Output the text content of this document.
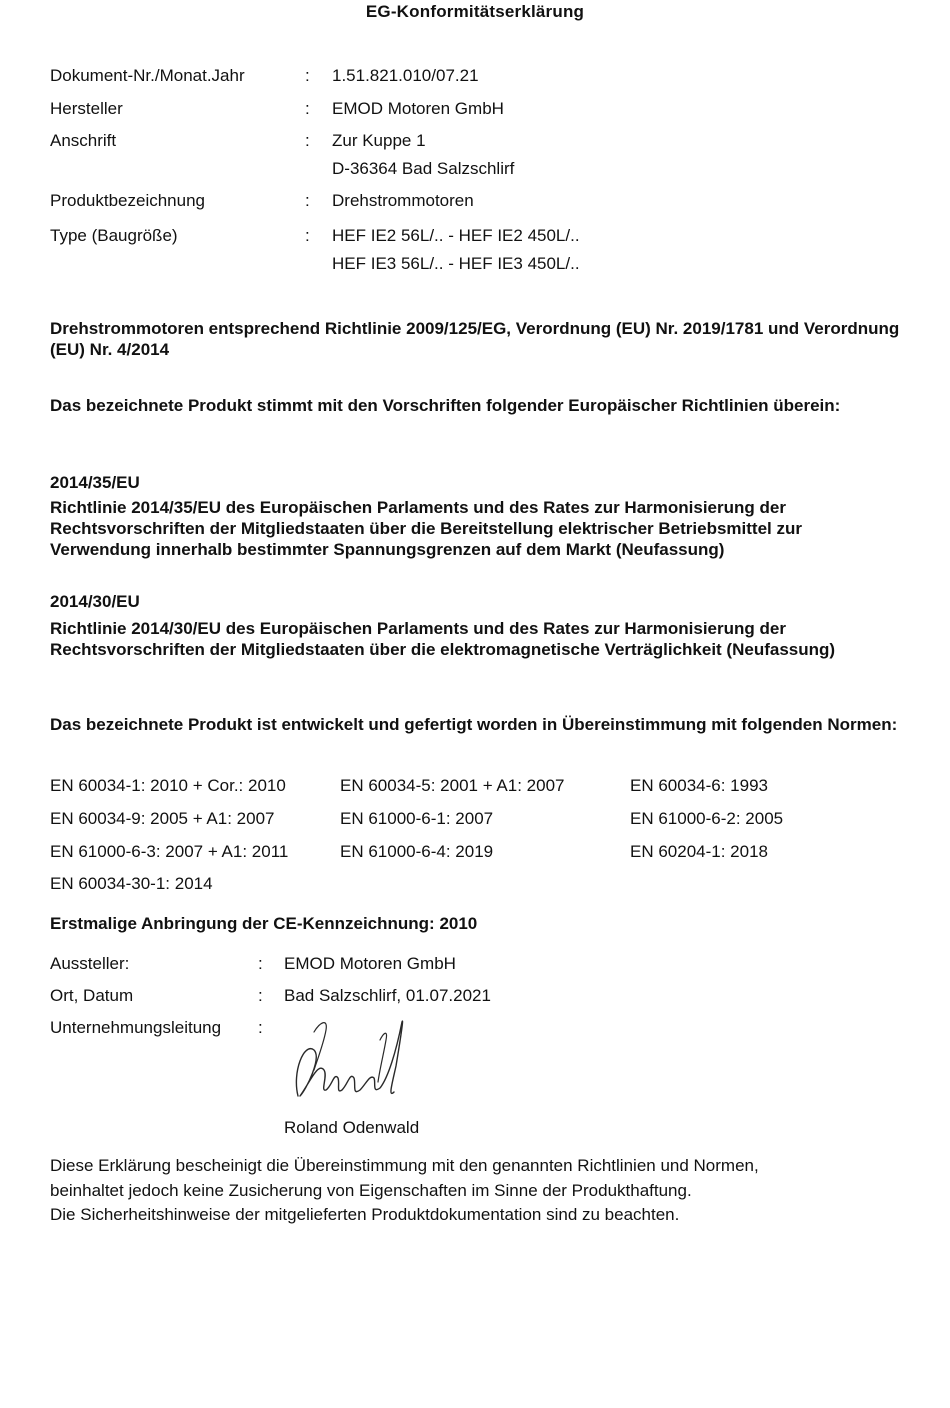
EG-Konformitätserklärung
Dokument-Nr./Monat.Jahr	: 1.51.821.010/07.21
Hersteller	: EMOD Motoren GmbH
Anschrift	: Zur Kuppe 1
D-36364 Bad Salzschlirf
Produktbezeichnung	: Drehstrommotoren
Type (Baugröße)	: HEF IE2 56L/.. - HEF IE2 450L/..
HEF IE3 56L/.. - HEF IE3 450L/..
Drehstrommotoren entsprechend Richtlinie 2009/125/EG, Verordnung (EU) Nr. 2019/1781 und Verordnung (EU) Nr. 4/2014
Das bezeichnete Produkt stimmt mit den Vorschriften folgender Europäischer Richtlinien überein:
2014/35/EU
Richtlinie 2014/35/EU des Europäischen Parlaments und des Rates zur Harmonisierung der Rechtsvorschriften der Mitgliedstaaten über die Bereitstellung elektrischer Betriebsmittel zur Verwendung innerhalb bestimmter Spannungsgrenzen auf dem Markt (Neufassung)
2014/30/EU
Richtlinie 2014/30/EU des Europäischen Parlaments und des Rates zur Harmonisierung der Rechtsvorschriften der Mitgliedstaaten über die elektromagnetische Verträglichkeit (Neufassung)
Das bezeichnete Produkt ist entwickelt und gefertigt worden in Übereinstimmung mit folgenden Normen:
EN 60034-1: 2010 + Cor.: 2010	EN 60034-5: 2001 + A1: 2007	EN 60034-6: 1993
EN 60034-9: 2005 + A1: 2007	EN 61000-6-1: 2007	EN 61000-6-2: 2005
EN 61000-6-3: 2007 + A1: 2011	EN 61000-6-4: 2019	EN 60204-1: 2018
EN 60034-30-1: 2014
Erstmalige Anbringung der CE-Kennzeichnung: 2010
Aussteller:	: EMOD Motoren GmbH
Ort, Datum	: Bad Salzschlirf, 01.07.2021
Unternehmungsleitung :
Roland Odenwald
Diese Erklärung bescheinigt die Übereinstimmung mit den genannten Richtlinien und Normen,
beinhaltet jedoch keine Zusicherung von Eigenschaften im Sinne der Produkthaftung.
Die Sicherheitshinweise der mitgelieferten Produktdokumentation sind zu beachten.
